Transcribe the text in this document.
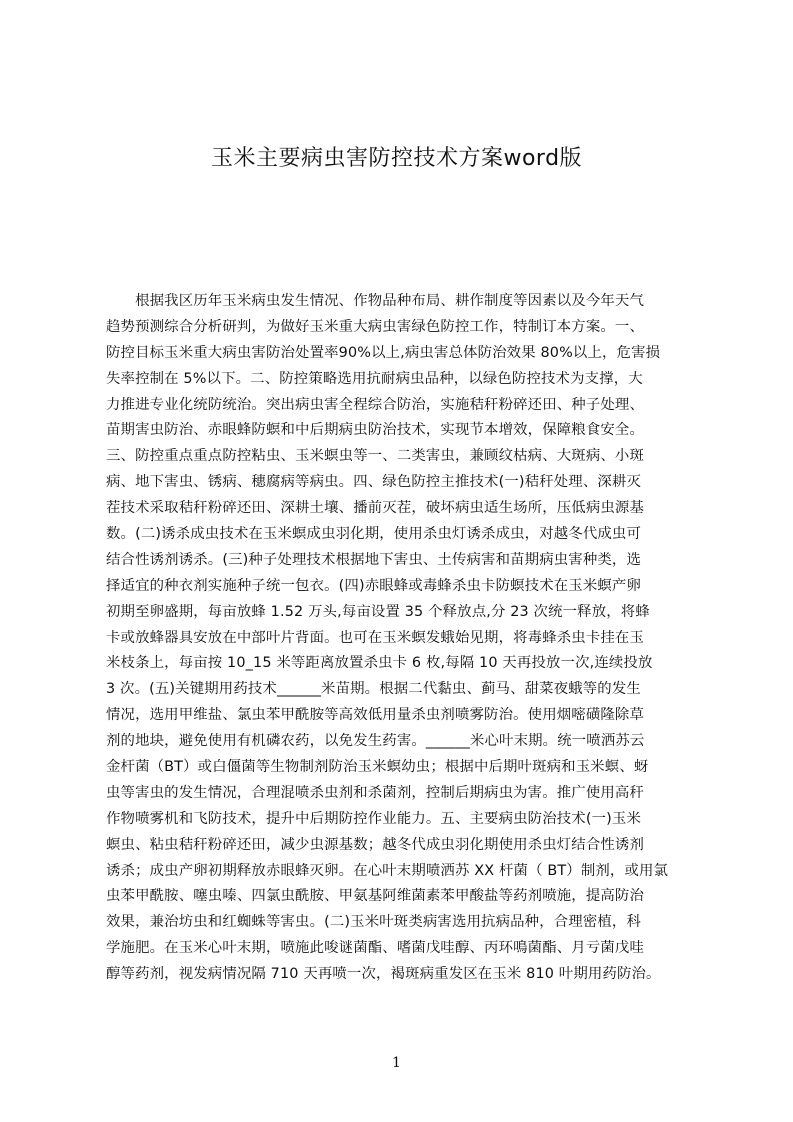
玉米主要病虫害防控技术方案word版
　　根据我区历年玉米病虫发生情况、作物品种布局、耕作制度等因素以及今年天气
趋势预测综合分析研判，为做好玉米重大病虫害绿色防控工作，特制订本方案。一、
防控目标玉米重大病虫害防治处置率90%以上,病虫害总体防治效果 80%以上，危害损
失率控制在 5%以下。二、防控策略选用抗耐病虫品种，以绿色防控技术为支撑，大
力推进专业化统防统治。突出病虫害全程综合防治，实施秸秆粉碎还田、种子处理、
苗期害虫防治、赤眼蜂防螟和中后期病虫防治技术，实现节本增效，保障粮食安全。
三、防控重点重点防控粘虫、玉米螟虫等一、二类害虫，兼顾纹枯病、大斑病、小斑
病、地下害虫、锈病、穗腐病等病虫。四、绿色防控主推技术(一)秸秆处理、深耕灭
茬技术采取秸秆粉碎还田、深耕土壤、播前灭茬，破坏病虫适生场所，压低病虫源基
数。(二)诱杀成虫技术在玉米螟成虫羽化期，使用杀虫灯诱杀成虫，对越冬代成虫可
结合性诱剂诱杀。(三)种子处理技术根据地下害虫、土传病害和苗期病虫害种类，选
择适宜的种衣剂实施种子统一包衣。(四)赤眼蜂或毒蜂杀虫卡防螟技术在玉米螟产卵
初期至卵盛期，每亩放蜂 1.52 万头,每亩设置 35 个释放点,分 23 次统一释放，将蜂
卡或放蜂器具安放在中部叶片背面。也可在玉米螟发蛾始见期，将毒蜂杀虫卡挂在玉
米枝条上，每亩按 10_15 米等距离放置杀虫卡 6 枚,每隔 10 天再投放一次,连续投放
3 次。(五)关键期用药技术______米苗期。根据二代黏虫、蓟马、甜菜夜蛾等的发生
情况，选用甲维盐、氯虫苯甲酰胺等高效低用量杀虫剂喷雾防治。使用烟嘧磺隆除草
剂的地块，避免使用有机磷农药，以免发生药害。______米心叶末期。统一喷洒苏云
金杆菌（BT）或白僵菌等生物制剂防治玉米螟幼虫；根据中后期叶斑病和玉米螟、蚜
虫等害虫的发生情况，合理混喷杀虫剂和杀菌剂，控制后期病虫为害。推广使用高秆
作物喷雾机和飞防技术，提升中后期防控作业能力。五、主要病虫防治技术(一)玉米
螟虫、粘虫秸秆粉碎还田，减少虫源基数；越冬代成虫羽化期使用杀虫灯结合性诱剂
诱杀；成虫产卵初期释放赤眼蜂灭卵。在心叶末期喷洒苏 XX 杆菌（ BT）制剂，或用氯
虫苯甲酰胺、噻虫嗪、四氯虫酰胺、甲氨基阿维菌素苯甲酸盐等药剂喷施，提高防治
效果，兼治坊虫和红蜘蛛等害虫。(二)玉米叶斑类病害选用抗病品种，合理密植，科
学施肥。在玉米心叶末期，喷施此唆谜菌酯、嗜菌戊哇醇、丙环鳴菌酯、月亏菌戊哇
醇等药剂，视发病情况隔 710 天再喷一次，褐斑病重发区在玉米 810 叶期用药防治。
1
